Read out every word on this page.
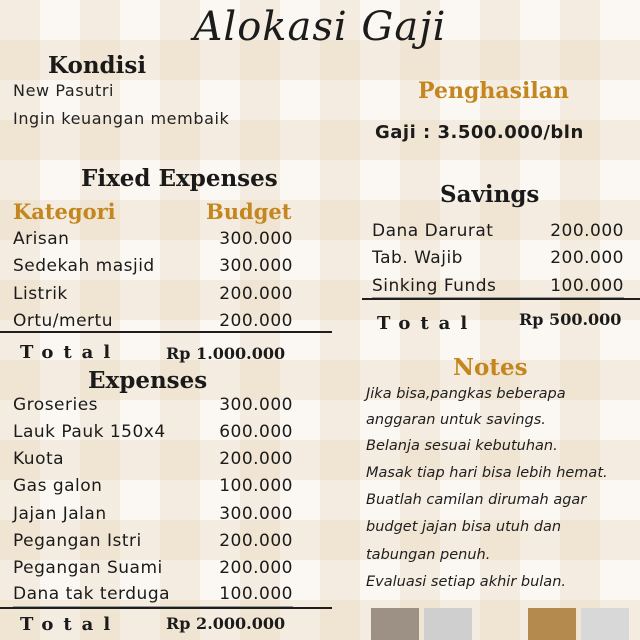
Alokasi Gaji
Kondisi
New Pasutri
Ingin keuangan membaik
Penghasilan
Gaji : 3.500.000/bln
Fixed Expenses
Kategori	Budget
Arisan	300.000
Sedekah masjid	300.000
Listrik	200.000
Ortu/mertu	200.000
Total	Rp 1.000.000
Expenses
Groseries	300.000
Lauk Pauk 150x4	600.000
Kuota	200.000
Gas galon	100.000
Jajan Jalan	300.000
Pegangan Istri	200.000
Pegangan Suami	200.000
Dana tak terduga	100.000
Total	Rp 2.000.000
Savings
Dana Darurat	200.000
Tab. Wajib	200.000
Sinking Funds	100.000
Total	Rp 500.000
Notes
Jika bisa,pangkas beberapa
anggaran untuk savings.
Belanja sesuai kebutuhan.
Masak tiap hari bisa lebih hemat.
Buatlah camilan dirumah agar
budget jajan bisa utuh dan
tabungan penuh.
Evaluasi setiap akhir bulan.
